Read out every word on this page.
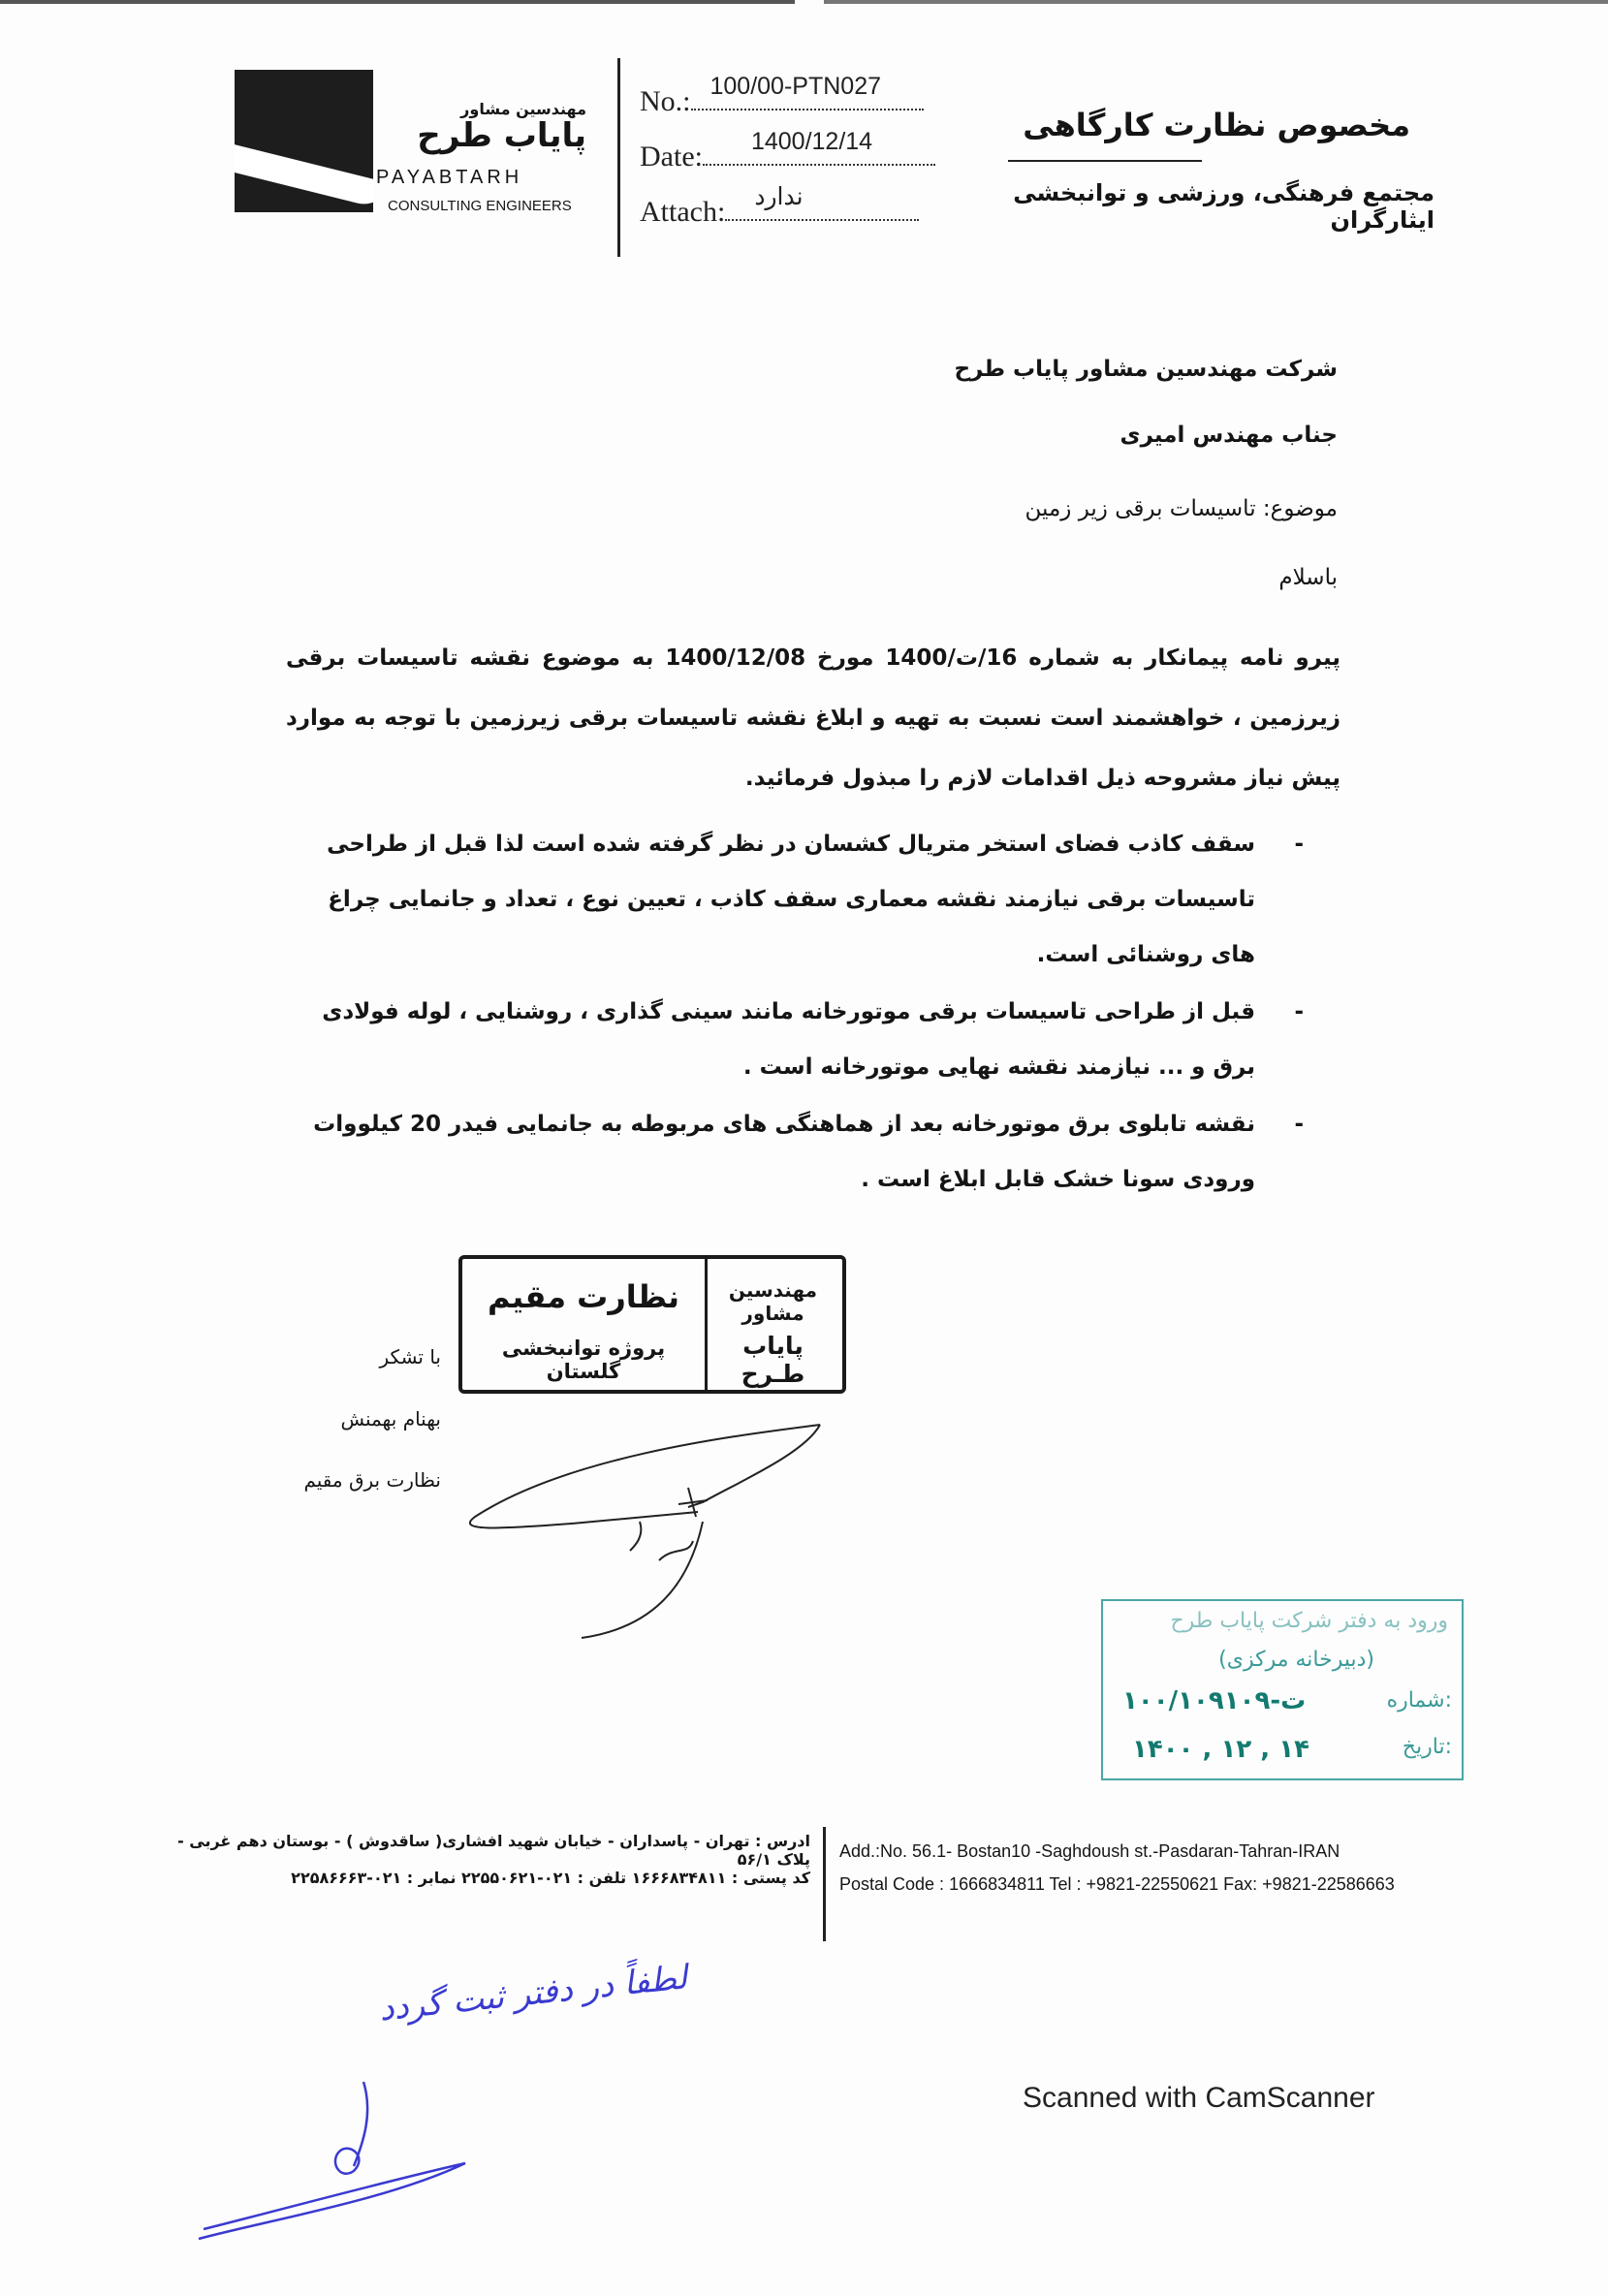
مهندسین مشاور
پایاب طرح
PAYABTARH
CONSULTING ENGINEERS
No.: 100/00-PTN027
Date: 1400/12/14
Attach: ندارد
مخصوص نظارت کارگاهی
مجتمع فرهنگی، ورزشی و توانبخشی ایثارگران
شرکت مهندسین مشاور پایاب طرح
جناب مهندس امیری
موضوع: تاسیسات برقی زیر زمین
باسلام
پیرو نامه پیمانکار به شماره 16/ت/1400 مورخ 1400/12/08 به موضوع نقشه تاسیسات برقی زیرزمین ، خواهشمند است نسبت به تهیه و ابلاغ نقشه تاسیسات برقی زیرزمین با توجه به موارد پیش نیاز مشروحه ذیل اقدامات لازم را مبذول فرمائید.
-
سقف کاذب فضای استخر متریال کشسان در نظر گرفته شده است لذا قبل از طراحی تاسیسات برقی نیازمند نقشه معماری سقف کاذب ، تعیین نوع ، تعداد و جانمایی چراغ های روشنائی است.
-
قبل از طراحی تاسیسات برقی موتورخانه مانند سینی گذاری ، روشنایی ، لوله فولادی برق و ... نیازمند نقشه نهایی موتورخانه است .
-
نقشه تابلوی برق موتورخانه بعد از هماهنگی های مربوطه به جانمایی فیدر 20 کیلووات ورودی سونا خشک قابل ابلاغ است .
نظارت مقیم
پروژه توانبخشی گلستان
مهندسین مشاور
پایاب طـرح
با تشکر
بهنام بهمنش
نظارت برق مقیم
ورود به دفتر شرکت پایاب طرح
(دبیرخانه مرکزی)
شماره:
۱۰۰/ت-۱۰۹۱۰۹
تاریخ:
۱۴ , ۱۲ , ۱۴۰۰
ادرس : تهران - پاسداران - خیابان شهید افشاری( ساقدوش ) - بوستان دهم غربی - پلاک ۵۶/۱
کد پستی : ۱۶۶۶۸۳۴۸۱۱ تلفن : ۰۲۱-۲۲۵۵۰۶۲۱ نمابر : ۰۲۱-۲۲۵۸۶۶۶۳
Add.:No. 56.1- Bostan10 -Saghdoush st.-Pasdaran-Tahran-IRAN
Postal Code : 1666834811 Tel : +9821-22550621 Fax: +9821-22586663
لطفاً در دفتر ثبت گردد
Scanned with CamScanner
